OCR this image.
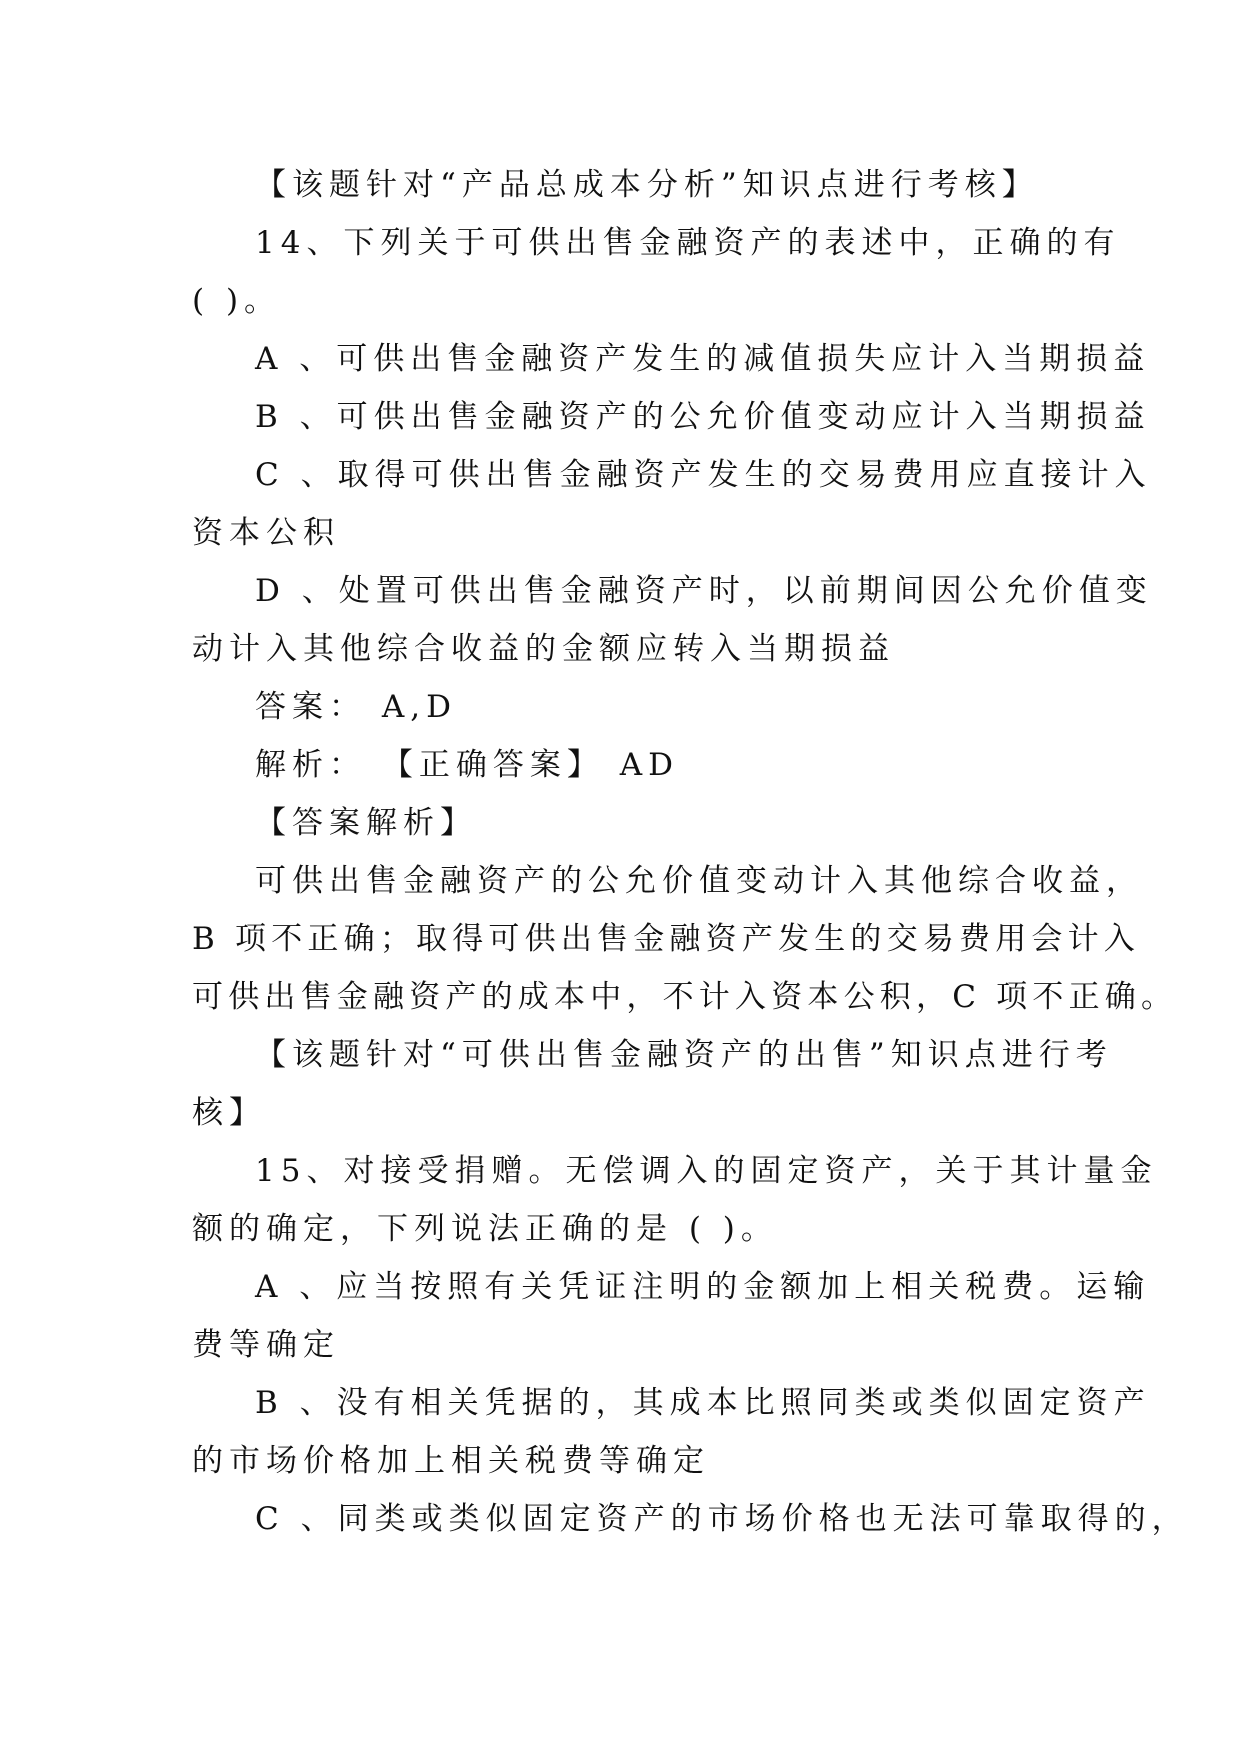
【该题针对“产品总成本分析”知识点进行考核】
14、下列关于可供出售金融资产的表述中，正确的有
( )。
A 、可供出售金融资产发生的减值损失应计入当期损益
B 、可供出售金融资产的公允价值变动应计入当期损益
C 、取得可供出售金融资产发生的交易费用应直接计入
资本公积
D 、处置可供出售金融资产时，以前期间因公允价值变
动计入其他综合收益的金额应转入当期损益
答案： A,D
解析： 【正确答案】 AD
【答案解析】
可供出售金融资产的公允价值变动计入其他综合收益，
B 项不正确；取得可供出售金融资产发生的交易费用会计入
可供出售金融资产的成本中，不计入资本公积，C 项不正确。
【该题针对“可供出售金融资产的出售”知识点进行考
核】
15、对接受捐赠。无偿调入的固定资产，关于其计量金
额的确定，下列说法正确的是 ( )。
A 、应当按照有关凭证注明的金额加上相关税费。运输
费等确定
B 、没有相关凭据的，其成本比照同类或类似固定资产
的市场价格加上相关税费等确定
C 、同类或类似固定资产的市场价格也无法可靠取得的，
